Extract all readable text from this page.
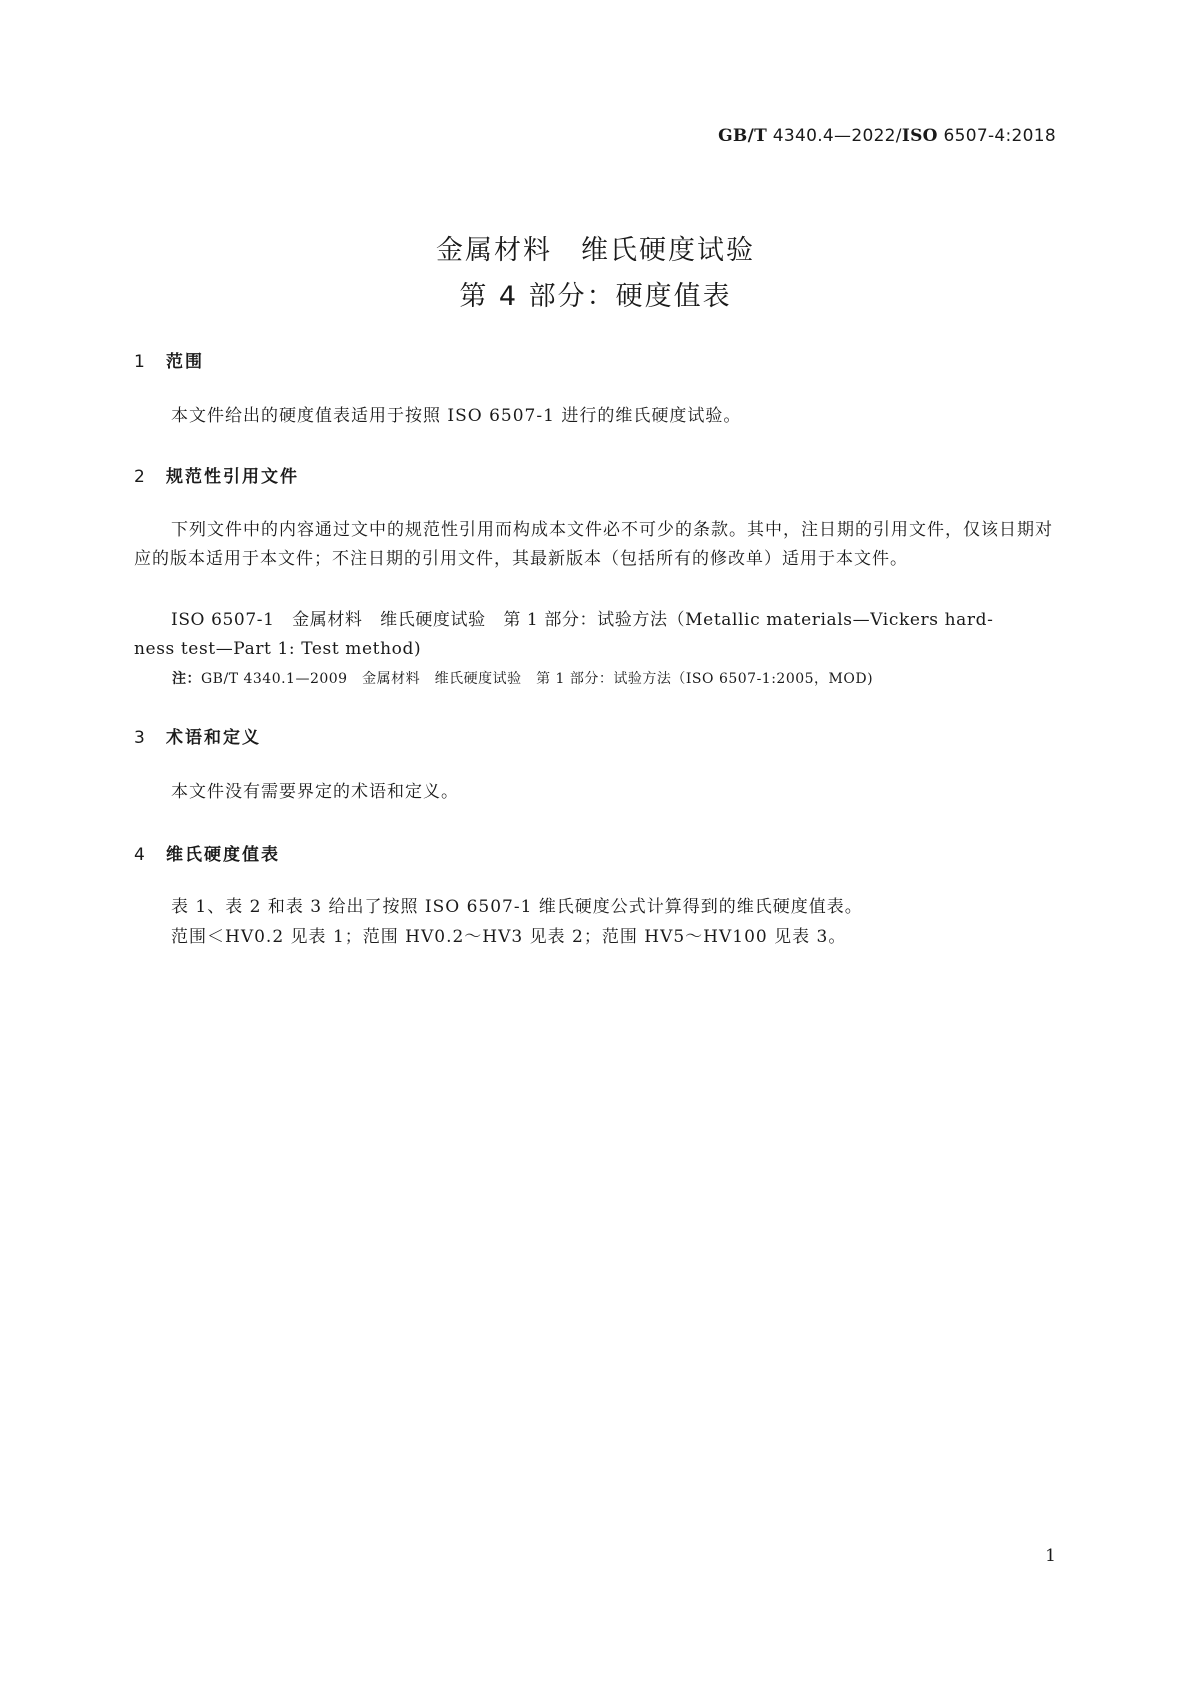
GB/T 4340.4—2022/ISO 6507-4:2018
金属材料　维氏硬度试验
第 4 部分：硬度值表
1 范围

本文件给出的硬度值表适用于按照 ISO 6507-1 进行的维氏硬度试验。

2 规范性引用文件

下列文件中的内容通过文中的规范性引用而构成本文件必不可少的条款。其中，注日期的引用文件，仅该日期对应的版本适用于本文件；不注日期的引用文件，其最新版本（包括所有的修改单）适用于本文件。

ISO 6507-1　金属材料　维氏硬度试验　第 1 部分：试验方法（Metallic materials—Vickers hard-

ness test—Part 1: Test method)

注：GB/T 4340.1—2009　金属材料　维氏硬度试验　第 1 部分：试验方法（ISO 6507-1:2005，MOD)
3 术语和定义

本文件没有需要界定的术语和定义。

4 维氏硬度值表

表 1、表 2 和表 3 给出了按照 ISO 6507-1 维氏硬度公式计算得到的维氏硬度值表。

范围＜HV0.2 见表 1；范围 HV0.2～HV3 见表 2；范围 HV5～HV100 见表 3。

1
